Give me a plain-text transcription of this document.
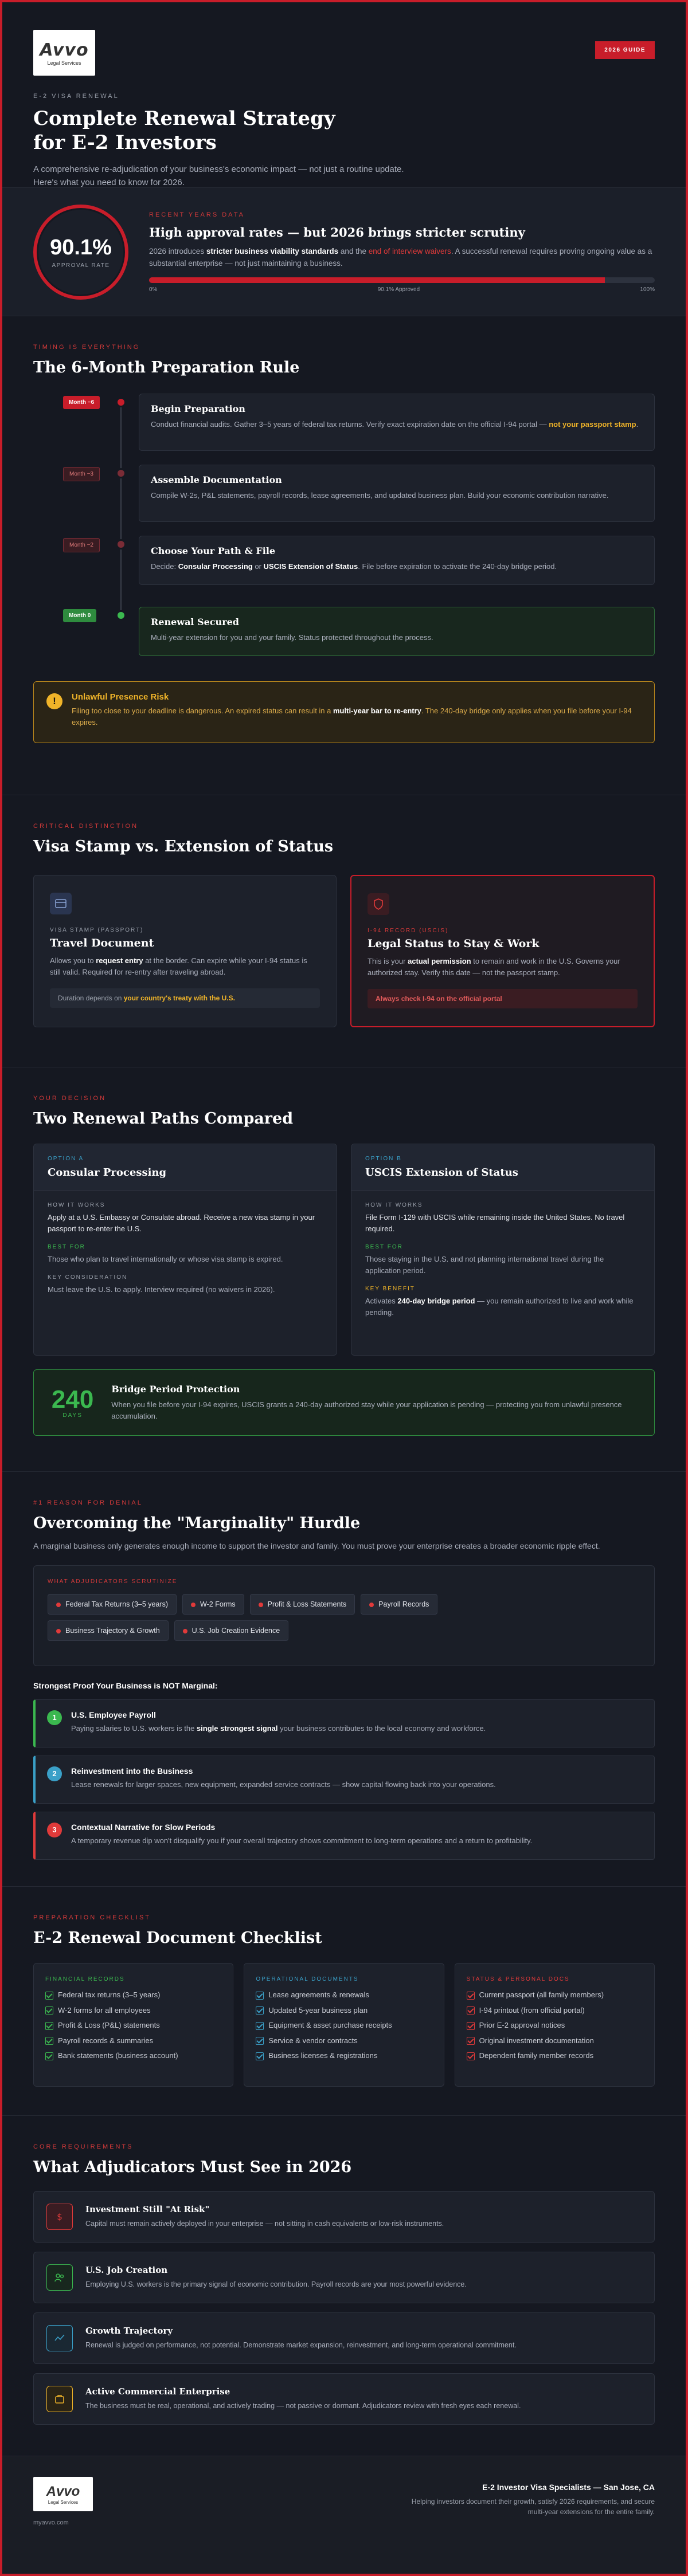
Avvo
Legal Services
2026 GUIDE
E-2 VISA RENEWAL
Complete Renewal Strategy
for E-2 Investors

A comprehensive re-adjudication of your business's economic impact — not just a routine update.
Here's what you need to know for 2026.

90.1%
APPROVAL RATE
RECENT YEARS DATA
High approval rates — but 2026 brings stricter scrutiny

2026 introduces stricter business viability standards and the end of interview waivers. A successful renewal requires proving ongoing value as a substantial enterprise — not just maintaining a business.

0%	90.1% Approved	100%
TIMING IS EVERYTHING
The 6-Month Preparation Rule
Month −6
Begin Preparation

Conduct financial audits. Gather 3–5 years of federal tax returns. Verify exact expiration date on the official I-94 portal — not your passport stamp.

Month −3
Assemble Documentation

Compile W-2s, P&L statements, payroll records, lease agreements, and updated business plan. Build your economic contribution narrative.

Month −2
Choose Your Path & File

Decide: Consular Processing or USCIS Extension of Status. File before expiration to activate the 240-day bridge period.

Month 0
Renewal Secured

Multi-year extension for you and your family. Status protected throughout the process.

!	Unlawful Presence Risk

Filing too close to your deadline is dangerous. An expired status can result in a multi-year bar to re-entry. The 240-day bridge only applies when you file before your I-94 expires.

CRITICAL DISTINCTION
Visa Stamp vs. Extension of Status
VISA STAMP (PASSPORT)
Travel Document

Allows you to request entry at the border. Can expire while your I-94 status is still valid. Required for re-entry after traveling abroad.

Duration depends on your country's treaty with the U.S.
I-94 RECORD (USCIS)
Legal Status to Stay & Work

This is your actual permission to remain and work in the U.S. Governs your authorized stay. Verify this date — not the passport stamp.

Always check I-94 on the official portal
YOUR DECISION
Two Renewal Paths Compared
OPTION A
Consular Processing
HOW IT WORKS

Apply at a U.S. Embassy or Consulate abroad. Receive a new visa stamp in your passport to re-enter the U.S.

BEST FOR

Those who plan to travel internationally or whose visa stamp is expired.

KEY CONSIDERATION

Must leave the U.S. to apply. Interview required (no waivers in 2026).

OPTION B
USCIS Extension of Status
HOW IT WORKS

File Form I-129 with USCIS while remaining inside the United States. No travel required.

BEST FOR

Those staying in the U.S. and not planning international travel during the application period.

KEY BENEFIT

Activates 240-day bridge period — you remain authorized to live and work while pending.

240
DAYS
Bridge Period Protection

When you file before your I-94 expires, USCIS grants a 240-day authorized stay while your application is pending — protecting you from unlawful presence accumulation.

#1 REASON FOR DENIAL
Overcoming the "Marginality" Hurdle

A marginal business only generates enough income to support the investor and family. You must prove your enterprise creates a broader economic ripple effect.

WHAT ADJUDICATORS SCRUTINIZE
Federal Tax Returns (3–5 years)	W-2 Forms	Profit & Loss Statements	Payroll Records
Business Trajectory & Growth	U.S. Job Creation Evidence
Strongest Proof Your Business is NOT Marginal:
1	U.S. Employee Payroll

Paying salaries to U.S. workers is the single strongest signal your business contributes to the local economy and workforce.

2	Reinvestment into the Business

Lease renewals for larger spaces, new equipment, expanded service contracts — show capital flowing back into your operations.

3	Contextual Narrative for Slow Periods

A temporary revenue dip won't disqualify you if your overall trajectory shows commitment to long-term operations and a return to profitability.

PREPARATION CHECKLIST
E-2 Renewal Document Checklist
FINANCIAL RECORDS
Federal tax returns (3–5 years)
W-2 forms for all employees
Profit & Loss (P&L) statements
Payroll records & summaries
Bank statements (business account)
OPERATIONAL DOCUMENTS
Lease agreements & renewals
Updated 5-year business plan
Equipment & asset purchase receipts
Service & vendor contracts
Business licenses & registrations
STATUS & PERSONAL DOCS
Current passport (all family members)
I-94 printout (from official portal)
Prior E-2 approval notices
Original investment documentation
Dependent family member records
CORE REQUIREMENTS
What Adjudicators Must See in 2026
$
Investment Still "At Risk"

Capital must remain actively deployed in your enterprise — not sitting in cash equivalents or low-risk instruments.

U.S. Job Creation

Employing U.S. workers is the primary signal of economic contribution. Payroll records are your most powerful evidence.

Growth Trajectory

Renewal is judged on performance, not potential. Demonstrate market expansion, reinvestment, and long-term operational commitment.

Active Commercial Enterprise

The business must be real, operational, and actively trading — not passive or dormant. Adjudicators review with fresh eyes each renewal.

Avvo
Legal Services
myavvo.com
E-2 Investor Visa Specialists — San Jose, CA

Helping investors document their growth, satisfy 2026 requirements, and secure
multi-year extensions for the entire family.
